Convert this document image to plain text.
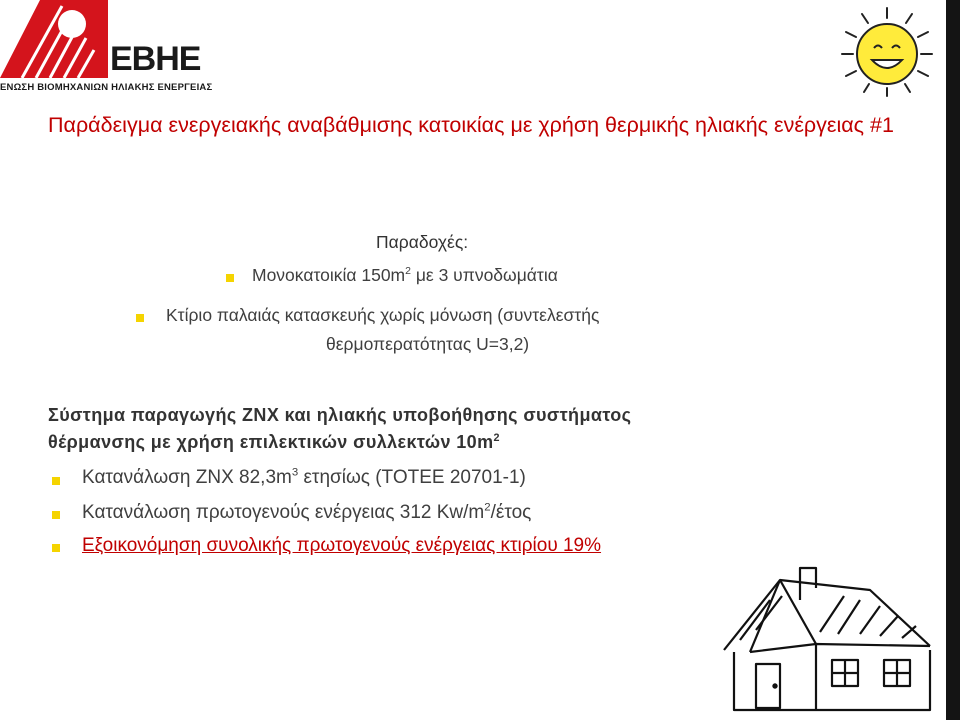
ΕΒΗΕ
ΕΝΩΣΗ ΒΙΟΜΗΧΑΝΙΩΝ ΗΛΙΑΚΗΣ ΕΝΕΡΓΕΙΑΣ
Παράδειγμα ενεργειακής αναβάθμισης κατοικίας με χρήση θερμικής ηλιακής ενέργειας #1
Παραδοχές:
Μονοκατοικία $150m^2$ με 3 υπνοδωμάτια
Κτίριο παλαιάς κατασκευής χωρίς μόνωση (συντελεστής
θερμοπερατότητας U=3,2)
Σύστημα παραγωγής ΖΝΧ και ηλιακής υποβοήθησης συστήματος
θέρμανσης με χρήση επιλεκτικών συλλεκτών $10m^2$
Κατανάλωση ΖΝΧ $82,3m^3$ ετησίως (ΤΟΤΕΕ 20701-1)
Κατανάλωση πρωτογενούς ενέργειας 312 $Kw/m^2$/έτος
Εξοικονόμηση συνολικής πρωτογενούς ενέργειας κτιρίου 19%
